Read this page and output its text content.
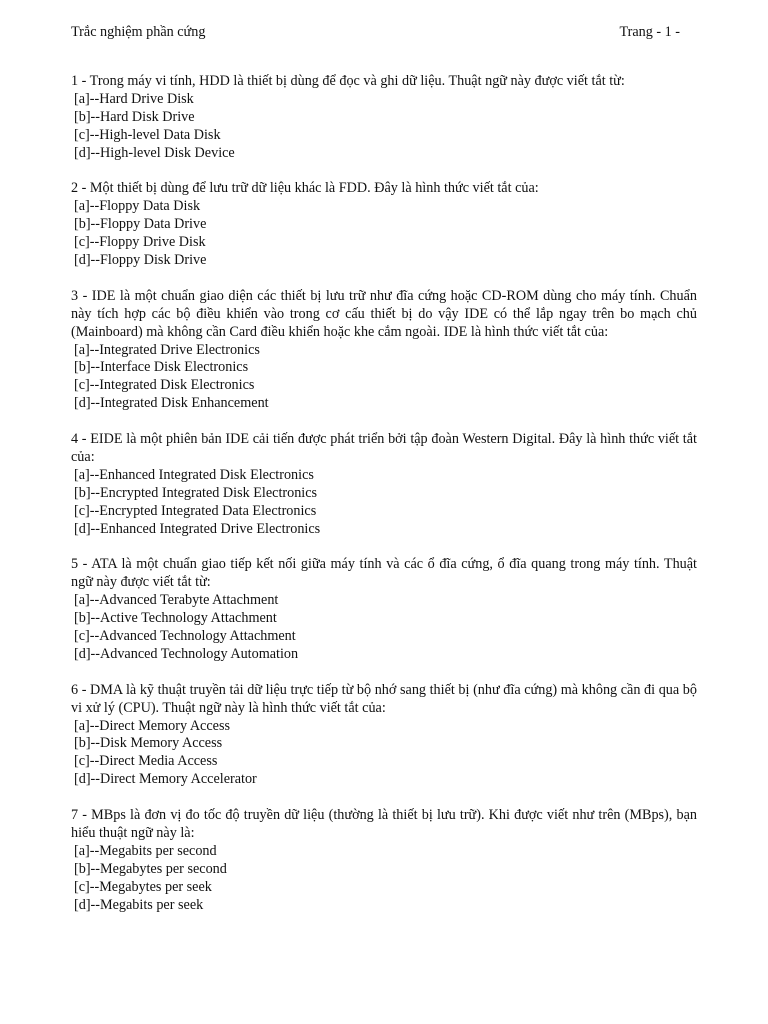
Trắc nghiệm phần cứng	Trang - 1 -
1 - Trong máy vi tính, HDD là thiết bị dùng để đọc và ghi dữ liệu. Thuật ngữ này được viết tắt từ:
[a]--Hard Drive Disk
[b]--Hard Disk Drive
[c]--High-level Data Disk
[d]--High-level Disk Device
2 - Một thiết bị dùng để lưu trữ dữ liệu khác là FDD. Đây là hình thức viết tắt của:
[a]--Floppy Data Disk
[b]--Floppy Data Drive
[c]--Floppy Drive Disk
[d]--Floppy Disk Drive
3 - IDE là một chuẩn giao diện các thiết bị lưu trữ như đĩa cứng hoặc CD-ROM dùng cho máy tính. Chuẩn này tích hợp các bộ điều khiển vào trong cơ cấu thiết bị do vậy IDE có thể lắp ngay trên bo mạch chủ (Mainboard) mà không cần Card điều khiển hoặc khe cắm ngoài. IDE là hình thức viết tắt của:
[a]--Integrated Drive Electronics
[b]--Interface Disk Electronics
[c]--Integrated Disk Electronics
[d]--Integrated Disk Enhancement
4 - EIDE là một phiên bản IDE cải tiến được phát triển bởi tập đoàn Western Digital. Đây là hình thức viết tắt của:
[a]--Enhanced Integrated Disk Electronics
[b]--Encrypted Integrated Disk Electronics
[c]--Encrypted Integrated Data Electronics
[d]--Enhanced Integrated Drive Electronics
5 - ATA là một chuẩn giao tiếp kết nối giữa máy tính và các ổ đĩa cứng, ổ đĩa quang trong máy tính. Thuật ngữ này được viết tắt từ:
[a]--Advanced Terabyte Attachment
[b]--Active Technology Attachment
[c]--Advanced Technology Attachment
[d]--Advanced Technology Automation
6 - DMA là kỹ thuật truyền tải dữ liệu trực tiếp từ bộ nhớ sang thiết bị (như đĩa cứng) mà không cần đi qua bộ vi xử lý (CPU). Thuật ngữ này là hình thức viết tắt của:
[a]--Direct Memory Access
[b]--Disk Memory Access
[c]--Direct Media Access
[d]--Direct Memory Accelerator
7 - MBps là đơn vị đo tốc độ truyền dữ liệu (thường là thiết bị lưu trữ). Khi được viết như trên (MBps), bạn hiểu thuật ngữ này là:
[a]--Megabits per second
[b]--Megabytes per second
[c]--Megabytes per seek
[d]--Megabits per seek
